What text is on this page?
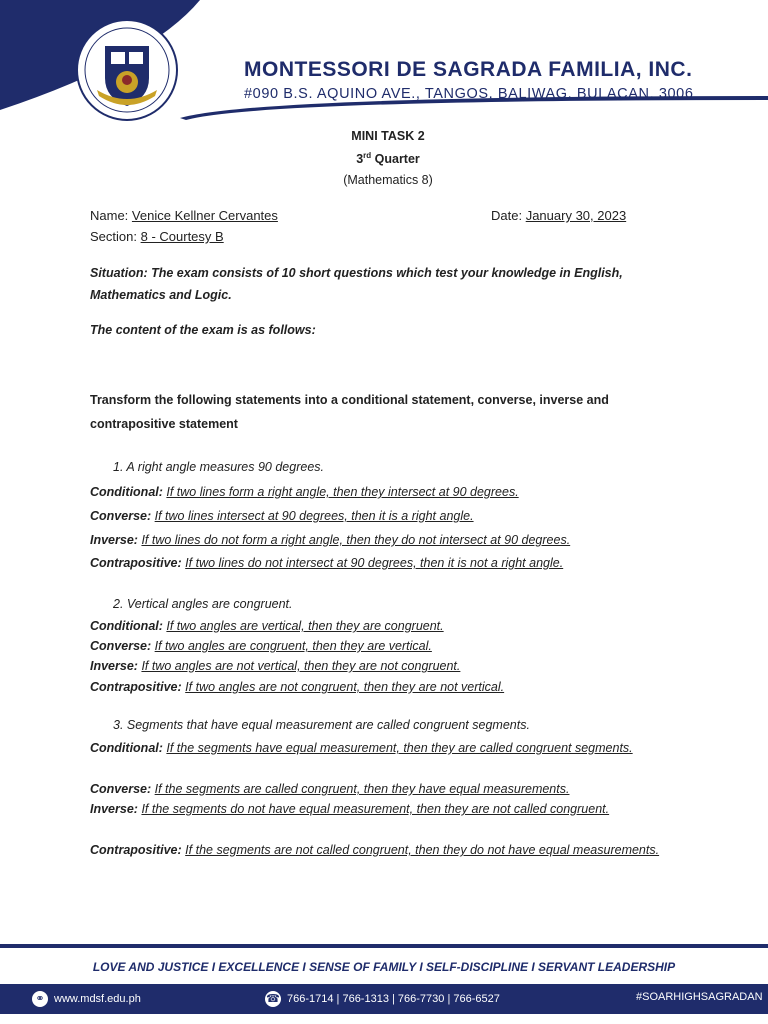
MONTESSORI DE SAGRADA FAMILIA, INC.
#090 B.S. AQUINO AVE., TANGOS, BALIWAG, BULACAN, 3006
MINI TASK 2
3rd Quarter
(Mathematics 8)
Name: Venice Kellner Cervantes	Date: January 30, 2023
Section: 8 - Courtesy B
Situation: The exam consists of 10 short questions which test your knowledge in English, Mathematics and Logic.
The content of the exam is as follows:
Transform the following statements into a conditional statement, converse, inverse and contrapositive statement
1. A right angle measures 90 degrees.
Conditional: If two lines form a right angle, then they intersect at 90 degrees.
Converse: If two lines intersect at 90 degrees, then it is a right angle.
Inverse: If two lines do not form a right angle, then they do not intersect at 90 degrees.
Contrapositive: If two lines do not intersect at 90 degrees, then it is not a right angle.
2. Vertical angles are congruent.
Conditional: If two angles are vertical, then they are congruent.
Converse: If two angles are congruent, then they are vertical.
Inverse: If two angles are not vertical, then they are not congruent.
Contrapositive: If two angles are not congruent, then they are not vertical.
3. Segments that have equal measurement are called congruent segments.
Conditional: If the segments have equal measurement, then they are called congruent segments.
Converse: If the segments are called congruent, then they have equal measurements.
Inverse: If the segments do not have equal measurement, then they are not called congruent.
Contrapositive: If the segments are not called congruent, then they do not have equal measurements.
LOVE AND JUSTICE I EXCELLENCE I SENSE OF FAMILY I SELF-DISCIPLINE I SERVANT LEADERSHIP
⚭ www.mdsf.edu.ph	☎ 766-1714 | 766-1313 | 766-7730 | 766-6527	#SOARHIGHSAGRADAN
